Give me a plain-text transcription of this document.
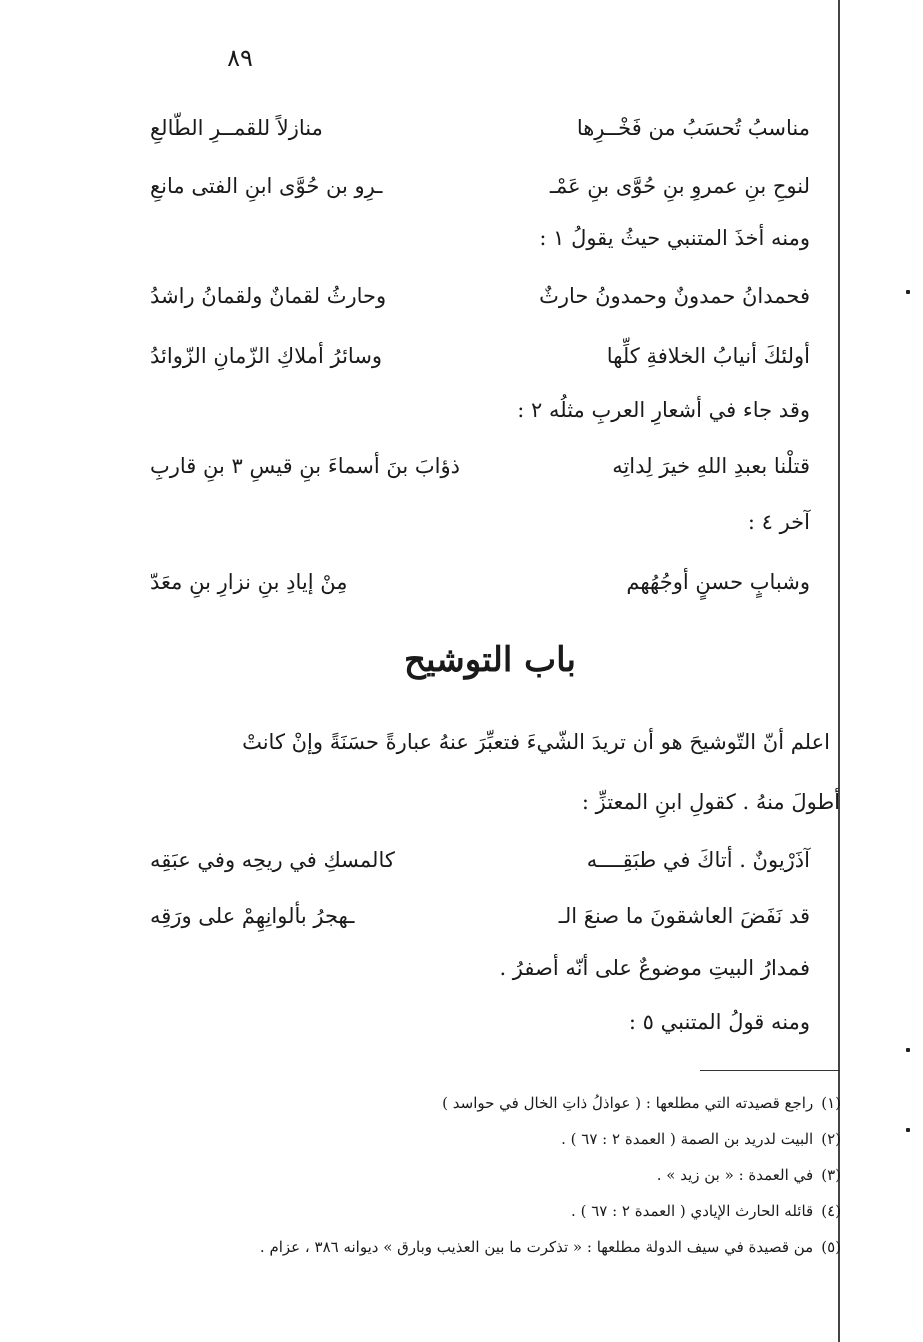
٨٩
مناسبُ تُحسَبُ من فَخْــرِها
منازلاً للقمــرِ الطّالعِ
لنوحِ بنِ عمروِ بنِ حُوَّى بنِ عَمْـ
ـرِو بن حُوَّى ابنِ الفتى مانعِ
ومنه أخذَ المتنبي حيثُ يقولُ ١ :
فحمدانُ حمدونٌ وحمدونُ حارثٌ
وحارثُ لقمانٌ ولقمانُ راشدُ
أولئكَ أنيابُ الخلافةِ كلِّها
وسائرُ أملاكِ الزّمانِ الزّوائدُ
وقد جاء في أشعارِ العربِ مثلُه ٢ :
قتلْنا بعبدِ اللهِ خيرَ لِداتِه
ذؤابَ بنَ أسماءَ بنِ قيسِ ٣ بنِ قاربِ
آخر ٤ :
وشبابٍ حسنٍ أوجُهُهم
مِنْ إيادِ بنِ نزارِ بنِ معَدّ
باب التوشيح
اعلم أنّ التّوشيحَ هو أن تريدَ الشّيءَ فتعبِّرَ عنهُ عبارةً حسَنَةً وإنْ كانتْ
أطولَ منهُ . كقولِ ابنِ المعتزِّ :
آذَرْيونٌ . أتاكَ في طبَقِــــه
كالمسكِ في ريحِه وفي عبَقِه
قد نَفَضَ العاشقونَ ما صنعَ الـ
ـهجرُ بألوانِهِمْ على ورَقِه
فمدارُ البيتِ موضوعٌ على أنّه أصفرُ .
ومنه قولُ المتنبي ٥ :
(١)راجع قصيدته التي مطلعها : ( عواذلُ ذاتِ الخال في حواسد )
(٢)البيت لدريد بن الصمة ( العمدة ٢ : ٦٧ ) .
(٣)في العمدة : « بن زيد » .
(٤)قائله الحارث الإيادي ( العمدة ٢ : ٦٧ ) .
(٥)من قصيدة في سيف الدولة مطلعها : « تذكرت ما بين العذيب وبارق » ديوانه ٣٨٦ ، عزام .
